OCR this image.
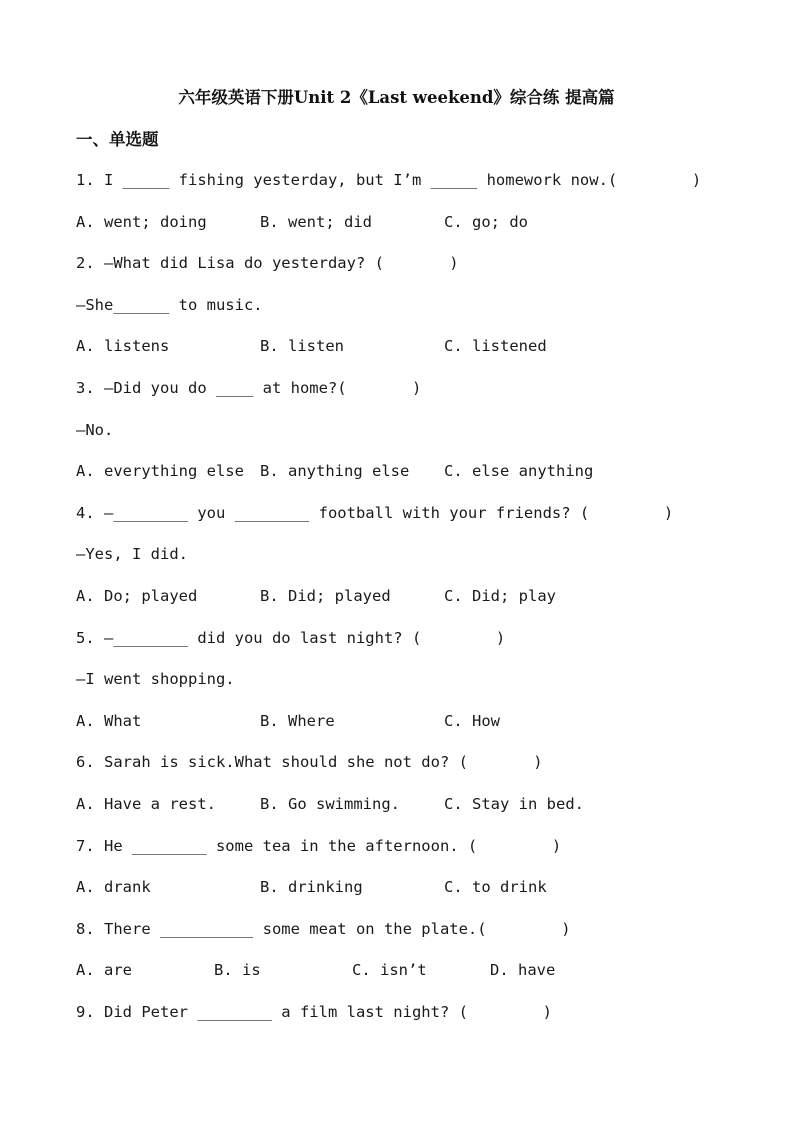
六年级英语下册Unit 2《Last weekend》综合练 提高篇
一、单选题
1. I _____ fishing yesterday, but I’m _____ homework now.(        )
A. went; doing	B. went; did	C. go; do
2. —What did Lisa do yesterday? (       )
—She______ to music.
A. listens	B. listen	C. listened
3. —Did you do ____ at home?(       )
—No.
A. everything else B. anything else C. else anything
4. —________ you ________ football with your friends? (        )
—Yes, I did.
A. Do; played	B. Did; played	C. Did; play
5. —________ did you do last night? (        )
—I went shopping.
A. What	B. Where	C. How
6. Sarah is sick.What should she not do? (       )
A. Have a rest.	B. Go swimming.	C. Stay in bed.
7. He ________ some tea in the afternoon. (        )
A. drank	B. drinking	C. to drink
8. There __________ some meat on the plate.(        )
A. are	B. is	C. isn’t	D. have
9. Did Peter ________ a film last night? (        )
